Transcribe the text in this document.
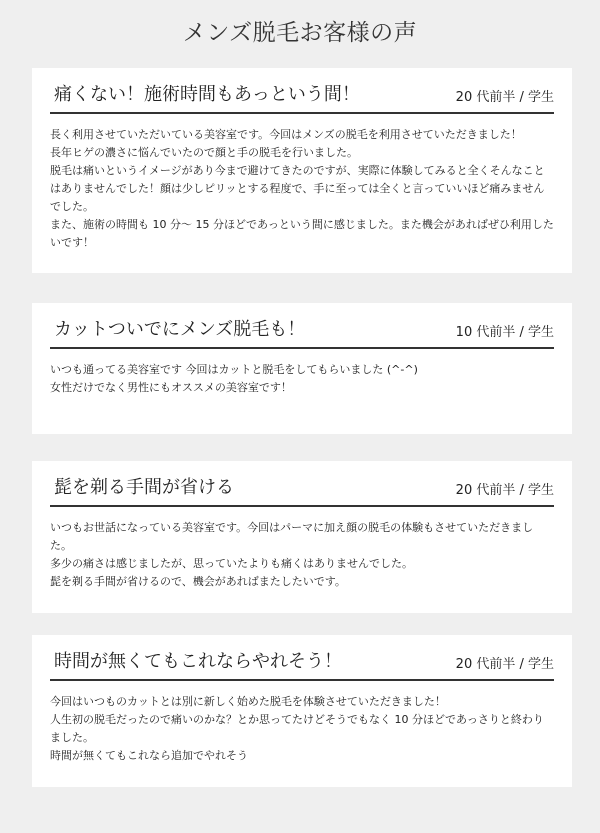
メンズ脱毛お客様の声
痛くない！施術時間もあっという間！	20 代前半 / 学生

長く利用させていただいている美容室です。今回はメンズの脱毛を利用させていただきました！

長年ヒゲの濃さに悩んでいたので顔と手の脱毛を行いました。

脱毛は痛いというイメージがあり今まで避けてきたのですが、実際に体験してみると全くそんなことはありませんでした！顔は少しピリッとする程度で、手に至っては全くと言っていいほど痛みませんでした。

また、施術の時間も 10 分～ 15 分ほどであっという間に感じました。また機会があればぜひ利用したいです！

カットついでにメンズ脱毛も！	10 代前半 / 学生

いつも通ってる美容室です 今回はカットと脱毛をしてもらいました (^-^)

女性だけでなく男性にもオススメの美容室です！

髭を剃る手間が省ける	20 代前半 / 学生

いつもお世話になっている美容室です。今回はパーマに加え顔の脱毛の体験もさせていただきました。

多少の痛さは感じましたが、思っていたよりも痛くはありませんでした。

髭を剃る手間が省けるので、機会があればまたしたいです。

時間が無くてもこれならやれそう！	20 代前半 / 学生

今回はいつものカットとは別に新しく始めた脱毛を体験させていただきました！

人生初の脱毛だったので痛いのかな？とか思ってたけどそうでもなく 10 分ほどであっさりと終わりました。

時間が無くてもこれなら追加でやれそう
